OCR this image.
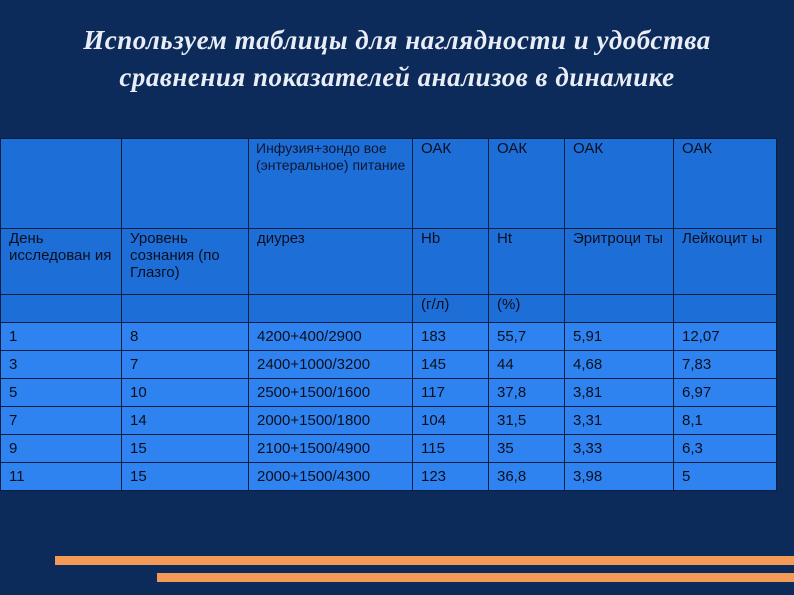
Используем таблицы для наглядности и удобства сравнения показателей анализов в динамике
		Инфузия+зондо вое (энтеральное) питание	ОАК	ОАК	ОАК	ОАК
День исследован ия	Уровень сознания (по Глазго)	диурез	Hb	Ht	Эритроци ты	Лейкоцит ы
			(г/л)	(%)		
1	8	4200+400/2900	183	55,7	5,91	12,07
3	7	2400+1000/3200	145	44	4,68	7,83
5	10	2500+1500/1600	117	37,8	3,81	6,97
7	14	2000+1500/1800	104	31,5	3,31	8,1
9	15	2100+1500/4900	115	35	3,33	6,3
11	15	2000+1500/4300	123	36,8	3,98	5
